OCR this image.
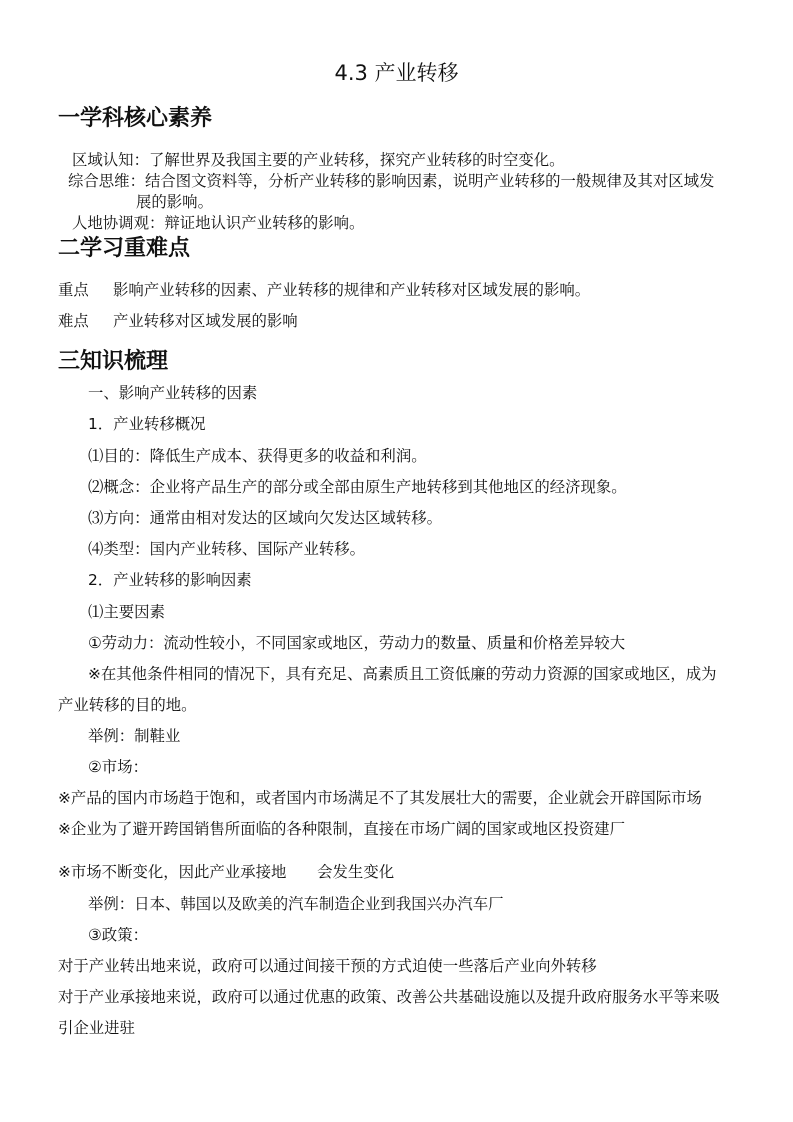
4.3 产业转移
一学科核心素养
区域认知：了解世界及我国主要的产业转移，探究产业转移的时空变化。
综合思维：结合图文资料等，分析产业转移的影响因素，说明产业转移的一般规律及其对区域发
展的影响。
人地协调观：辩证地认识产业转移的影响。
二学习重难点
重点 影响产业转移的因素、产业转移的规律和产业转移对区域发展的影响。
难点 产业转移对区域发展的影响
三知识梳理
一、影响产业转移的因素
1．产业转移概况
⑴目的：降低生产成本、获得更多的收益和利润。
⑵概念：企业将产品生产的部分或全部由原生产地转移到其他地区的经济现象。
⑶方向：通常由相对发达的区域向欠发达区域转移。
⑷类型：国内产业转移、国际产业转移。
2．产业转移的影响因素
⑴主要因素
①劳动力：流动性较小，不同国家或地区，劳动力的数量、质量和价格差异较大
※在其他条件相同的情况下，具有充足、高素质且工资低廉的劳动力资源的国家或地区，成为
产业转移的目的地。
举例：制鞋业
②市场：
※产品的国内市场趋于饱和，或者国内市场满足不了其发展壮大的需要，企业就会开辟国际市场
※企业为了避开跨国销售所面临的各种限制，直接在市场广阔的国家或地区投资建厂
※市场不断变化，因此产业承接地　　会发生变化
举例：日本、韩国以及欧美的汽车制造企业到我国兴办汽车厂
③政策：
对于产业转出地来说，政府可以通过间接干预的方式迫使一些落后产业向外转移
对于产业承接地来说，政府可以通过优惠的政策、改善公共基础设施以及提升政府服务水平等来吸
引企业进驻
